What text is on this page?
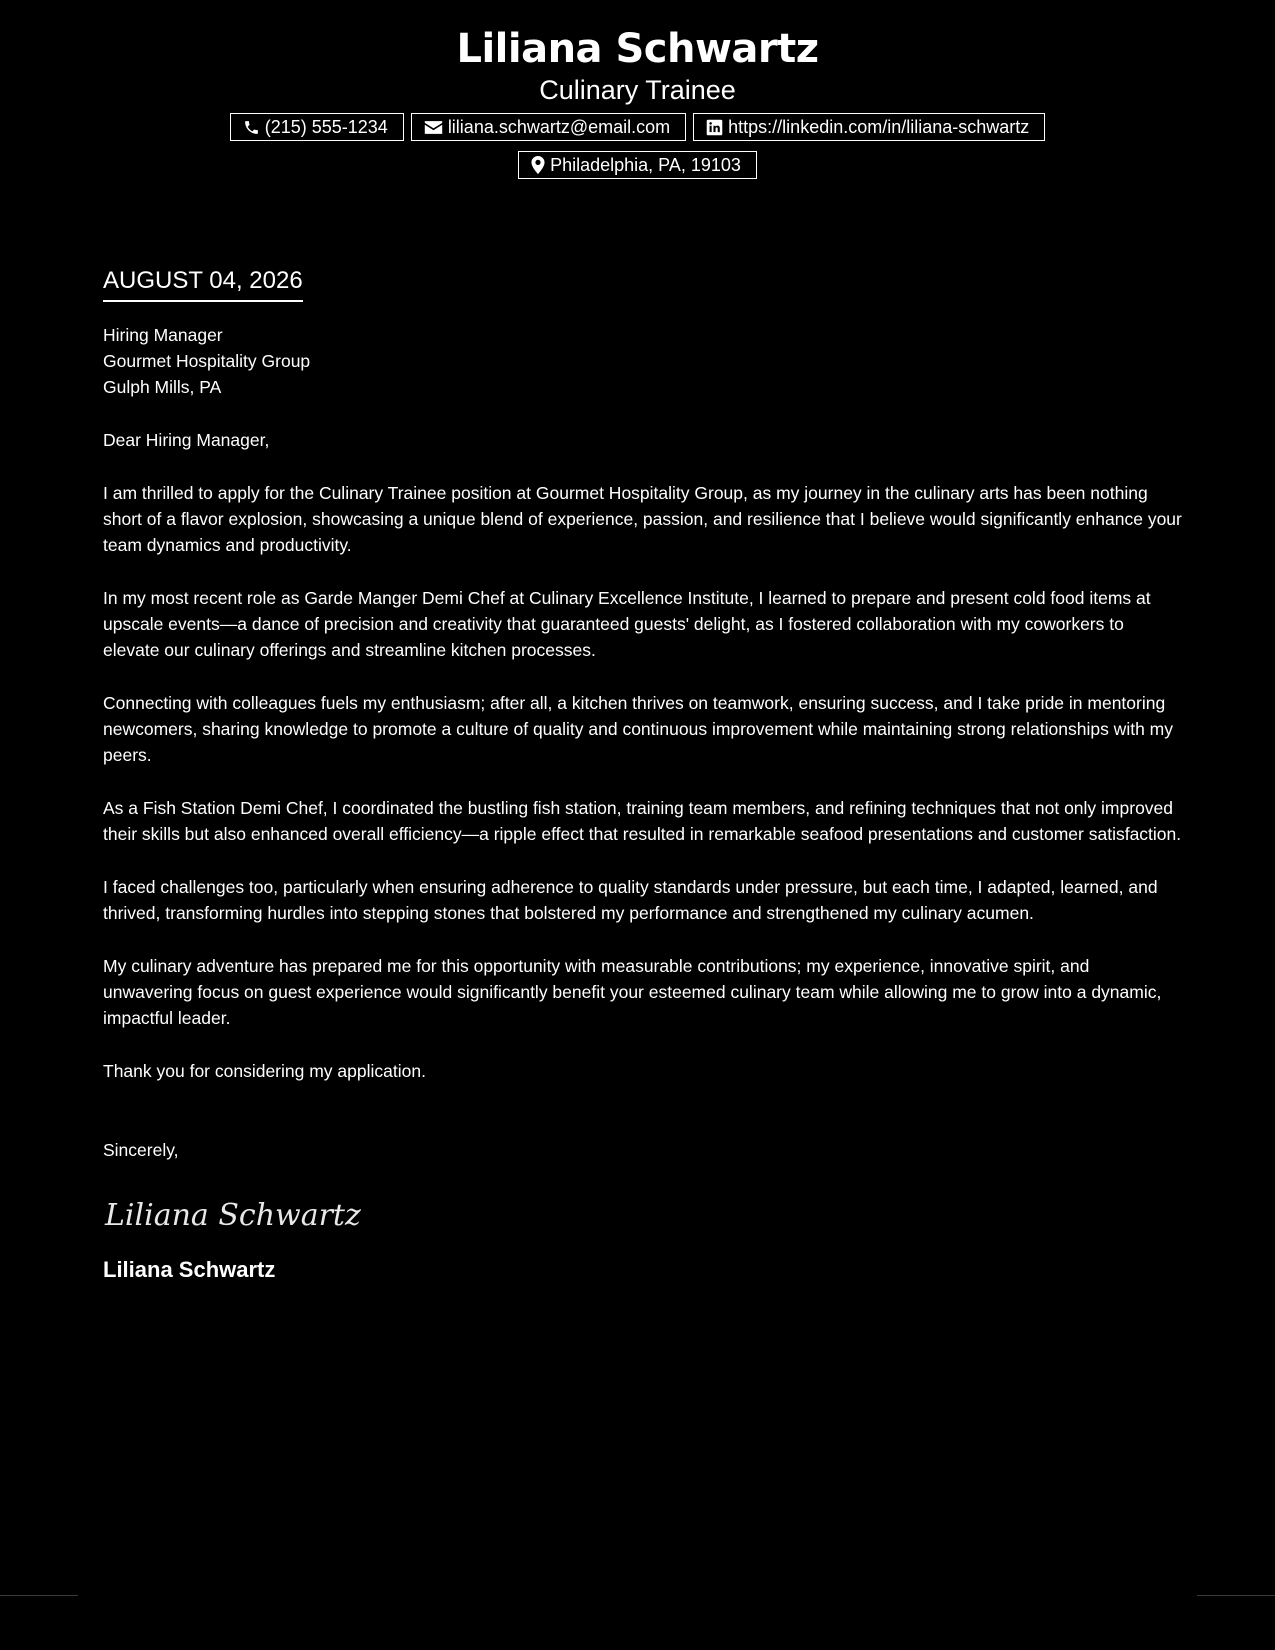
Liliana Schwartz
Culinary Trainee
(215) 555-1234	liliana.schwartz@email.com	https://linkedin.com/in/liliana-schwartz
Philadelphia, PA, 19103
AUGUST 04, 2026
Hiring Manager
Gourmet Hospitality Group
Gulph Mills, PA
Dear Hiring Manager,
I am thrilled to apply for the Culinary Trainee position at Gourmet Hospitality Group, as my journey in the culinary arts has been nothing short of a flavor explosion, showcasing a unique blend of experience, passion, and resilience that I believe would significantly enhance your team dynamics and productivity.
In my most recent role as Garde Manger Demi Chef at Culinary Excellence Institute, I learned to prepare and present cold food items at upscale events—a dance of precision and creativity that guaranteed guests' delight, as I fostered collaboration with my coworkers to elevate our culinary offerings and streamline kitchen processes.
Connecting with colleagues fuels my enthusiasm; after all, a kitchen thrives on teamwork, ensuring success, and I take pride in mentoring newcomers, sharing knowledge to promote a culture of quality and continuous improvement while maintaining strong relationships with my peers.
As a Fish Station Demi Chef, I coordinated the bustling fish station, training team members, and refining techniques that not only improved their skills but also enhanced overall efficiency—a ripple effect that resulted in remarkable seafood presentations and customer satisfaction.
I faced challenges too, particularly when ensuring adherence to quality standards under pressure, but each time, I adapted, learned, and thrived, transforming hurdles into stepping stones that bolstered my performance and strengthened my culinary acumen.
My culinary adventure has prepared me for this opportunity with measurable contributions; my experience, innovative spirit, and unwavering focus on guest experience would significantly benefit your esteemed culinary team while allowing me to grow into a dynamic, impactful leader.
Thank you for considering my application.
Sincerely,
Liliana Schwartz
Liliana Schwartz
